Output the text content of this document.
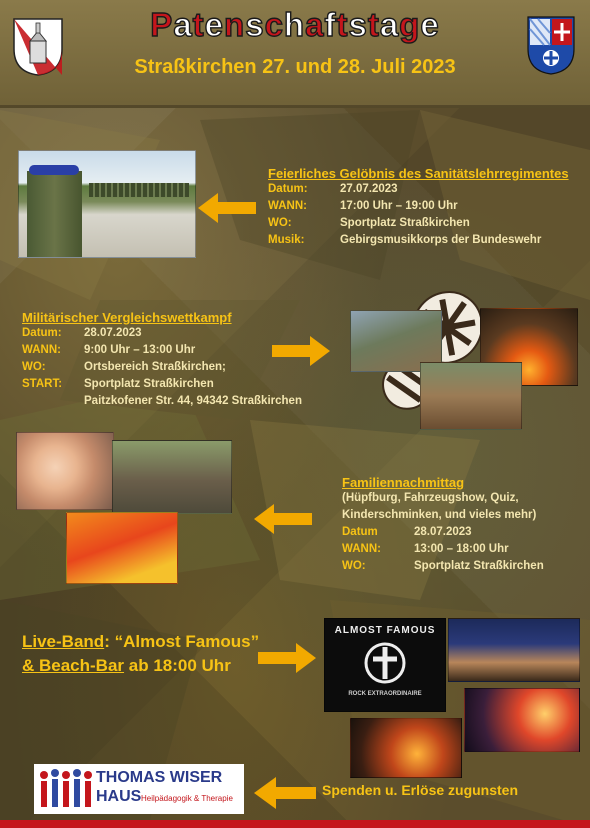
Patenschaftstage
Straßkirchen 27. und 28. Juli 2023
Feierliches Gelöbnis des Sanitätslehrregimentes
Datum:	27.07.2023
WANN:	17:00 Uhr – 19:00 Uhr
WO:	Sportplatz Straßkirchen
Musik:	Gebirgsmusikkorps der Bundeswehr
Militärischer Vergleichswettkampf
Datum:	28.07.2023
WANN:	9:00 Uhr – 13:00 Uhr
WO:	Ortsbereich Straßkirchen;
START:	Sportplatz Straßkirchen
Paitzkofener Str. 44, 94342 Straßkirchen
Familiennachmittag
(Hüpfburg, Fahrzeugshow, Quiz,
Kinderschminken, und vieles mehr)
Datum	28.07.2023
WANN:	13:00 – 18:00 Uhr
WO:	Sportplatz Straßkirchen
Live-Band: “Almost Famous”
& Beach-Bar ab 18:00 Uhr
ALMOST FAMOUS
ROCK EXTRAORDINAIRE
THOMAS WISER
HAUS Heilpädagogik & Therapie
Spenden u. Erlöse zugunsten
